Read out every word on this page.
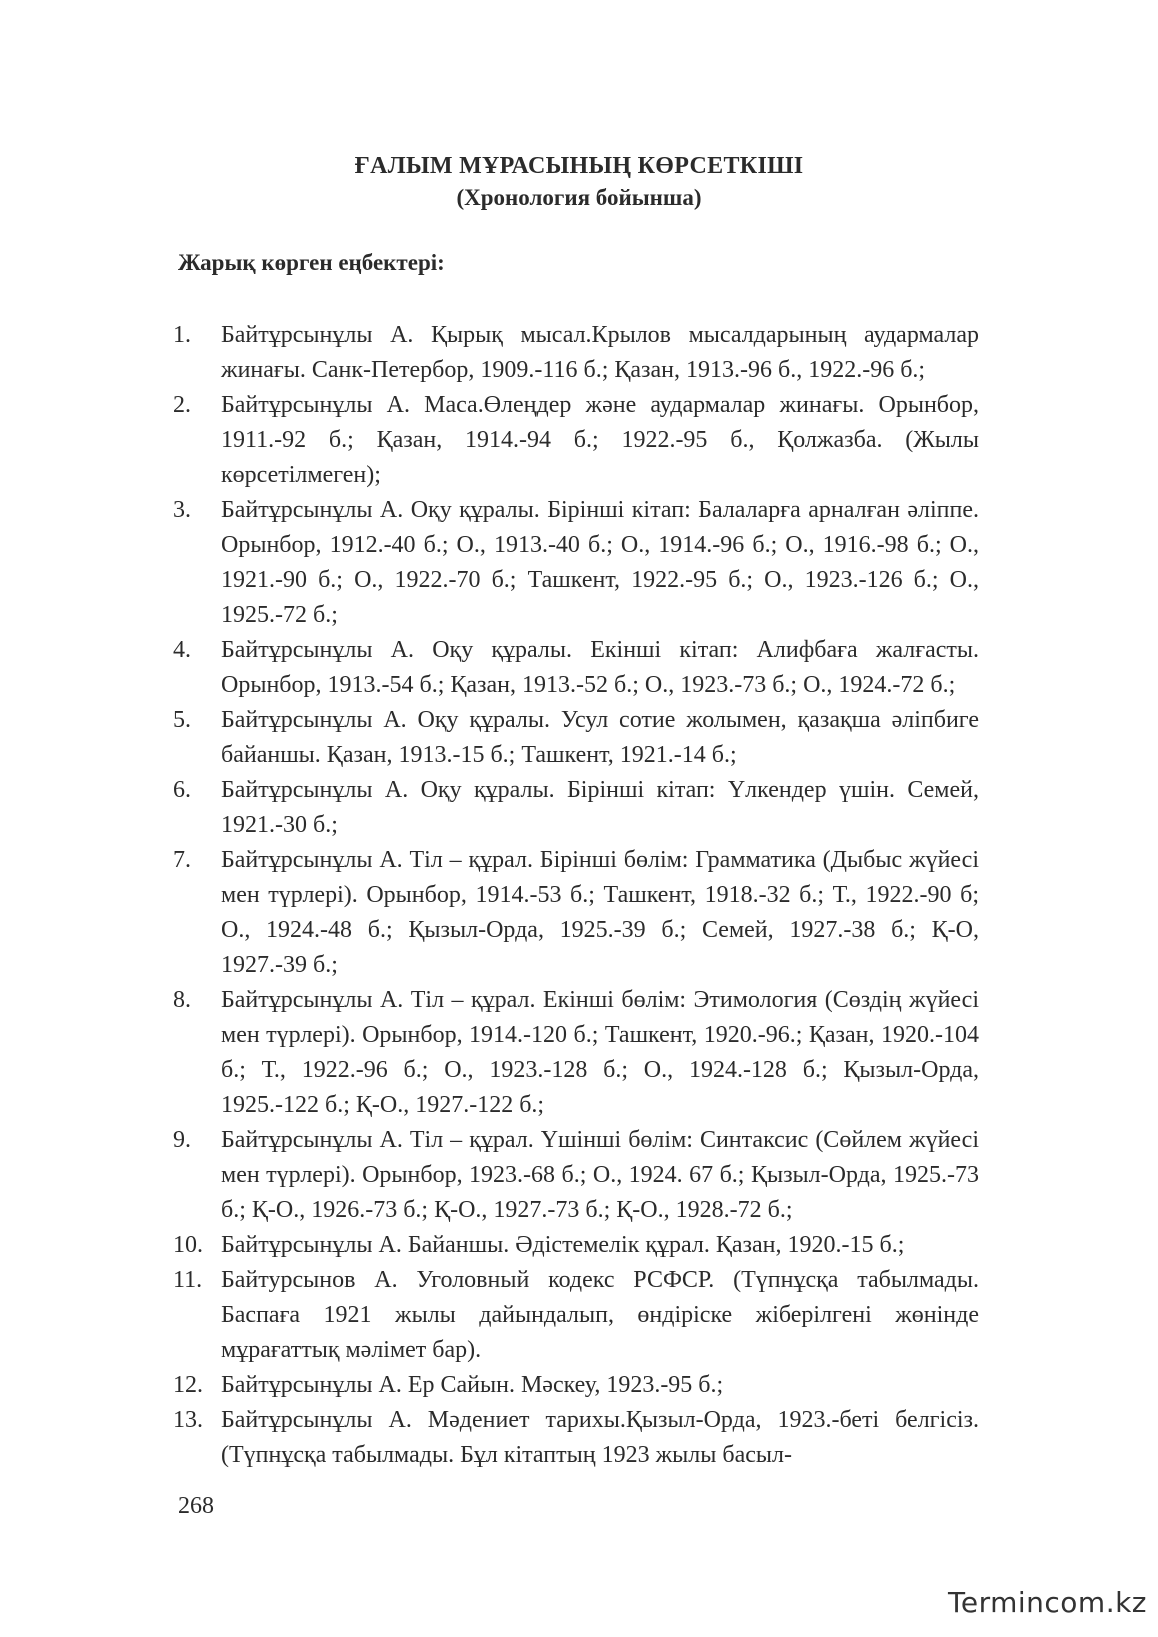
ҒАЛЫМ МҰРАСЫНЫҢ КӨРСЕТКІШІ
(Хронология бойынша)
Жарық көрген еңбектері:
1. Байтұрсынұлы А. Қырық мысал.Крылов мысалдарының аудармалар жинағы. Санк-Петербор, 1909.-116 б.; Қазан, 1913.-96 б., 1922.-96 б.;
2. Байтұрсынұлы А. Маса.Өлеңдер және аудармалар жинағы. Орынбор, 1911.-92 б.; Қазан, 1914.-94 б.; 1922.-95 б., Қолжазба. (Жылы көрсетілмеген);
3. Байтұрсынұлы А. Оқу құралы. Бірінші кітап: Балаларға арналған әліппе. Орынбор, 1912.-40 б.; О., 1913.-40 б.; О., 1914.-96 б.; О., 1916.-98 б.; О., 1921.-90 б.; О., 1922.-70 б.; Ташкент, 1922.-95 б.; О., 1923.-126 б.; О., 1925.-72 б.;
4. Байтұрсынұлы А. Оқу құралы. Екінші кітап: Алифбаға жалғасты. Орынбор, 1913.-54 б.; Қазан, 1913.-52 б.; О., 1923.-73 б.; О., 1924.-72 б.;
5. Байтұрсынұлы А. Оқу құралы. Усул сотие жолымен, қазақша әліпбиге байаншы. Қазан, 1913.-15 б.; Ташкент, 1921.-14 б.;
6. Байтұрсынұлы А. Оқу құралы. Бірінші кітап: Үлкендер үшін. Семей, 1921.-30 б.;
7. Байтұрсынұлы А. Тіл – құрал. Бірінші бөлім: Грамматика (Дыбыс жүйесі мен түрлері). Орынбор, 1914.-53 б.; Ташкент, 1918.-32 б.; Т., 1922.-90 б; О., 1924.-48 б.; Қызыл-Орда, 1925.-39 б.; Семей, 1927.-38 б.; Қ-О, 1927.-39 б.;
8. Байтұрсынұлы А. Тіл – құрал. Екінші бөлім: Этимология (Сөздің жүйесі мен түрлері). Орынбор, 1914.-120 б.; Ташкент, 1920.-96.; Қазан, 1920.-104 б.; Т., 1922.-96 б.; О., 1923.-128 б.; О., 1924.-128 б.; Қызыл-Орда, 1925.-122 б.; Қ-О., 1927.-122 б.;
9. Байтұрсынұлы А. Тіл – құрал. Үшінші бөлім: Синтаксис (Сөйлем жүйесі мен түрлері). Орынбор, 1923.-68 б.; О., 1924. 67 б.; Қызыл-Орда, 1925.-73 б.; Қ-О., 1926.-73 б.; Қ-О., 1927.-73 б.; Қ-О., 1928.-72 б.;
10. Байтұрсынұлы А. Байаншы. Әдістемелік құрал. Қазан, 1920.-15 б.;
11. Байтурсынов А. Уголовный кодекс РСФСР. (Түпнұсқа табылмады. Баспаға 1921 жылы дайындалып, өндіріске жіберілгені жөнінде мұрағаттық мәлімет бар).
12. Байтұрсынұлы А. Ер Сайын. Мәскеу, 1923.-95 б.;
13. Байтұрсынұлы А. Мәдениет тарихы.Қызыл-Орда, 1923.-беті белгісіз. (Түпнұсқа табылмады. Бұл кітаптың 1923 жылы басыл-
268
Termincom.kz
